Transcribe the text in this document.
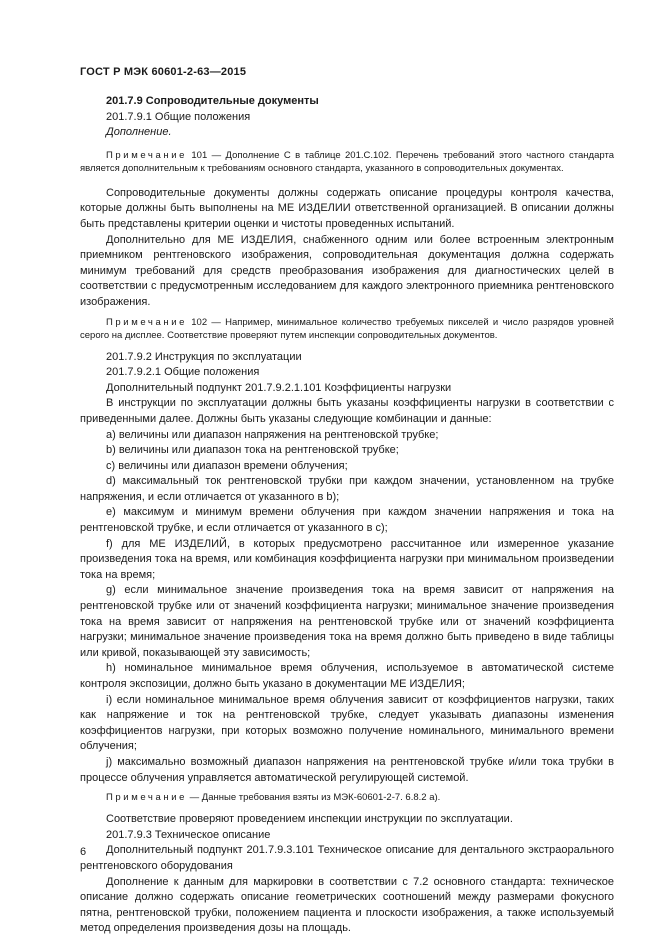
ГОСТ Р МЭК 60601-2-63—2015

201.7.9 Сопроводительные документы

201.7.9.1 Общие положения

Дополнение.

Примечание 101 — Дополнение С в таблице 201.С.102. Перечень требований этого частного стандарта является дополнительным к требованиям основного стандарта, указанного в сопроводительных документах.

Сопроводительные документы должны содержать описание процедуры контроля качества, которые должны быть выполнены на МЕ ИЗДЕЛИИ ответственной организацией. В описании должны быть представлены критерии оценки и чистоты проведенных испытаний.

Дополнительно для МЕ ИЗДЕЛИЯ, снабженного одним или более встроенным электронным приемником рентгеновского изображения, сопроводительная документация должна содержать минимум требований для средств преобразования изображения для диагностических целей в соответствии с предусмотренным исследованием для каждого электронного приемника рентгеновского изображения.

Примечание 102 — Например, минимальное количество требуемых пикселей и число разрядов уровней серого на дисплее. Соответствие проверяют путем инспекции сопроводительных документов.

201.7.9.2 Инструкция по эксплуатации

201.7.9.2.1 Общие положения

Дополнительный подпункт 201.7.9.2.1.101 Коэффициенты нагрузки

В инструкции по эксплуатации должны быть указаны коэффициенты нагрузки в соответствии с приведенными далее. Должны быть указаны следующие комбинации и данные:

a) величины или диапазон напряжения на рентгеновской трубке;

b) величины или диапазон тока на рентгеновской трубке;

c) величины или диапазон времени облучения;

d) максимальный ток рентгеновской трубки при каждом значении, установленном на трубке напряжения, и если отличается от указанного в b);

e) максимум и минимум времени облучения при каждом значении напряжения и тока на рентгеновской трубке, и если отличается от указанного в c);

f) для МЕ ИЗДЕЛИЙ, в которых предусмотрено рассчитанное или измеренное указание произведения тока на время, или комбинация коэффициента нагрузки при минимальном произведении тока на время;

g) если минимальное значение произведения тока на время зависит от напряжения на рентгеновской трубке или от значений коэффициента нагрузки; минимальное значение произведения тока на время зависит от напряжения на рентгеновской трубке или от значений коэффициента нагрузки; минимальное значение произведения тока на время должно быть приведено в виде таблицы или кривой, показывающей эту зависимость;

h) номинальное минимальное время облучения, используемое в автоматической системе контроля экспозиции, должно быть указано в документации МЕ ИЗДЕЛИЯ;

i) если номинальное минимальное время облучения зависит от коэффициентов нагрузки, таких как напряжение и ток на рентгеновской трубке, следует указывать диапазоны изменения коэффициентов нагрузки, при которых возможно получение номинального, минимального времени облучения;

j) максимально возможный диапазон напряжения на рентгеновской трубке и/или тока трубки в процессе облучения управляется автоматической регулирующей системой.

Примечание — Данные требования взяты из МЭК-60601-2-7. 6.8.2 а).

Соответствие проверяют проведением инспекции инструкции по эксплуатации.

201.7.9.3 Техническое описание

Дополнительный подпункт 201.7.9.3.101 Техническое описание для дентального экстраорального рентгеновского оборудования

Дополнение к данным для маркировки в соответствии с 7.2 основного стандарта: техническое описание должно содержать описание геометрических соотношений между размерами фокусного пятна, рентгеновской трубки, положением пациента и плоскости изображения, а также используемый метод определения произведения дозы на площадь.

6
